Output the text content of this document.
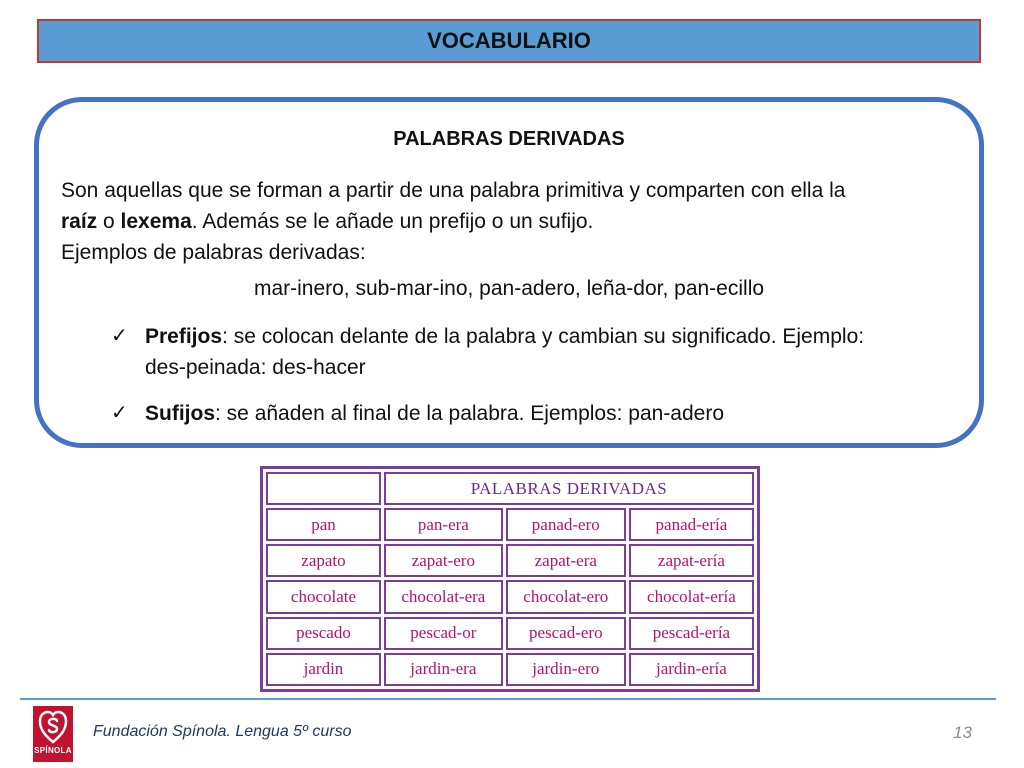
VOCABULARIO
PALABRAS DERIVADAS
Son aquellas que se forman a partir de una palabra primitiva y comparten con ella la
raíz o lexema. Además se le añade un prefijo o un sufijo.
Ejemplos de palabras derivadas:
mar-inero, sub-mar-ino, pan-adero, leña-dor, pan-ecillo
✓ Prefijos: se colocan delante de la palabra y cambian su significado. Ejemplo:
des-peinada: des-hacer
✓ Sufijos: se añaden al final de la palabra. Ejemplos: pan-adero
	PALABRAS DERIVADAS		
pan	pan-era	panad-ero	panad-ería
zapato	zapat-ero	zapat-era	zapat-ería
chocolate	chocolat-era	chocolat-ero	chocolat-ería
pescado	pescad-or	pescad-ero	pescad-ería
jardin	jardin-era	jardin-ero	jardin-ería
SPÍNOLA
Fundación Spínola. Lengua 5º curso	13
